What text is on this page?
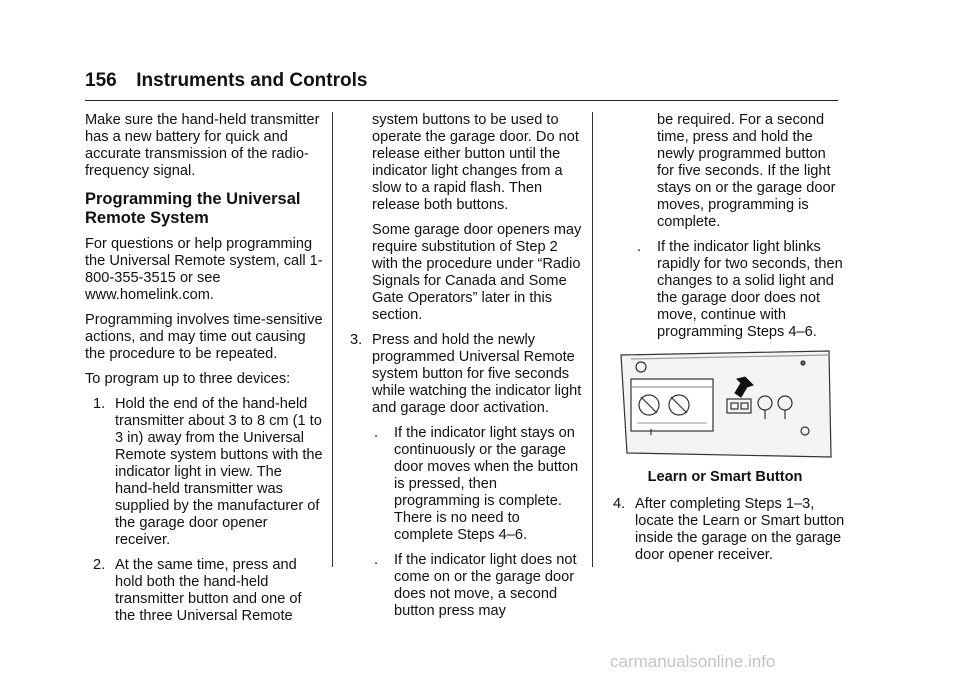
156 Instruments and Controls

Make sure the hand-held transmitter has a new battery for quick and accurate transmission of the radio-frequency signal.

Programming the Universal Remote System

For questions or help programming the Universal Remote system, call 1-800-355-3515 or see www.homelink.com.

Programming involves time-sensitive actions, and may time out causing the procedure to be repeated.

To program up to three devices:

1. Hold the end of the hand-held transmitter about 3 to 8 cm (1 to 3 in) away from the Universal Remote system buttons with the indicator light in view. The hand-held transmitter was supplied by the manufacturer of the garage door opener receiver.
2. At the same time, press and hold both the hand-held transmitter button and one of the three Universal Remote

system buttons to be used to operate the garage door. Do not release either button until the indicator light changes from a slow to a rapid flash. Then release both buttons.

Some garage door openers may require substitution of Step 2 with the procedure under “Radio Signals for Canada and Some Gate Operators” later in this section.

3. Press and hold the newly programmed Universal Remote system button for five seconds while watching the indicator light and garage door activation.
. If the indicator light stays on continuously or the garage door moves when the button is pressed, then programming is complete. There is no need to complete Steps 4–6.
. If the indicator light does not come on or the garage door does not move, a second button press may

be required. For a second time, press and hold the newly programmed button for five seconds. If the light stays on or the garage door moves, programming is complete.

. If the indicator light blinks rapidly for two seconds, then changes to a solid light and the garage door does not move, continue with programming Steps 4–6.
Learn or Smart Button
4. After completing Steps 1–3, locate the Learn or Smart button inside the garage on the garage door opener receiver.
carmanualsonline.info
